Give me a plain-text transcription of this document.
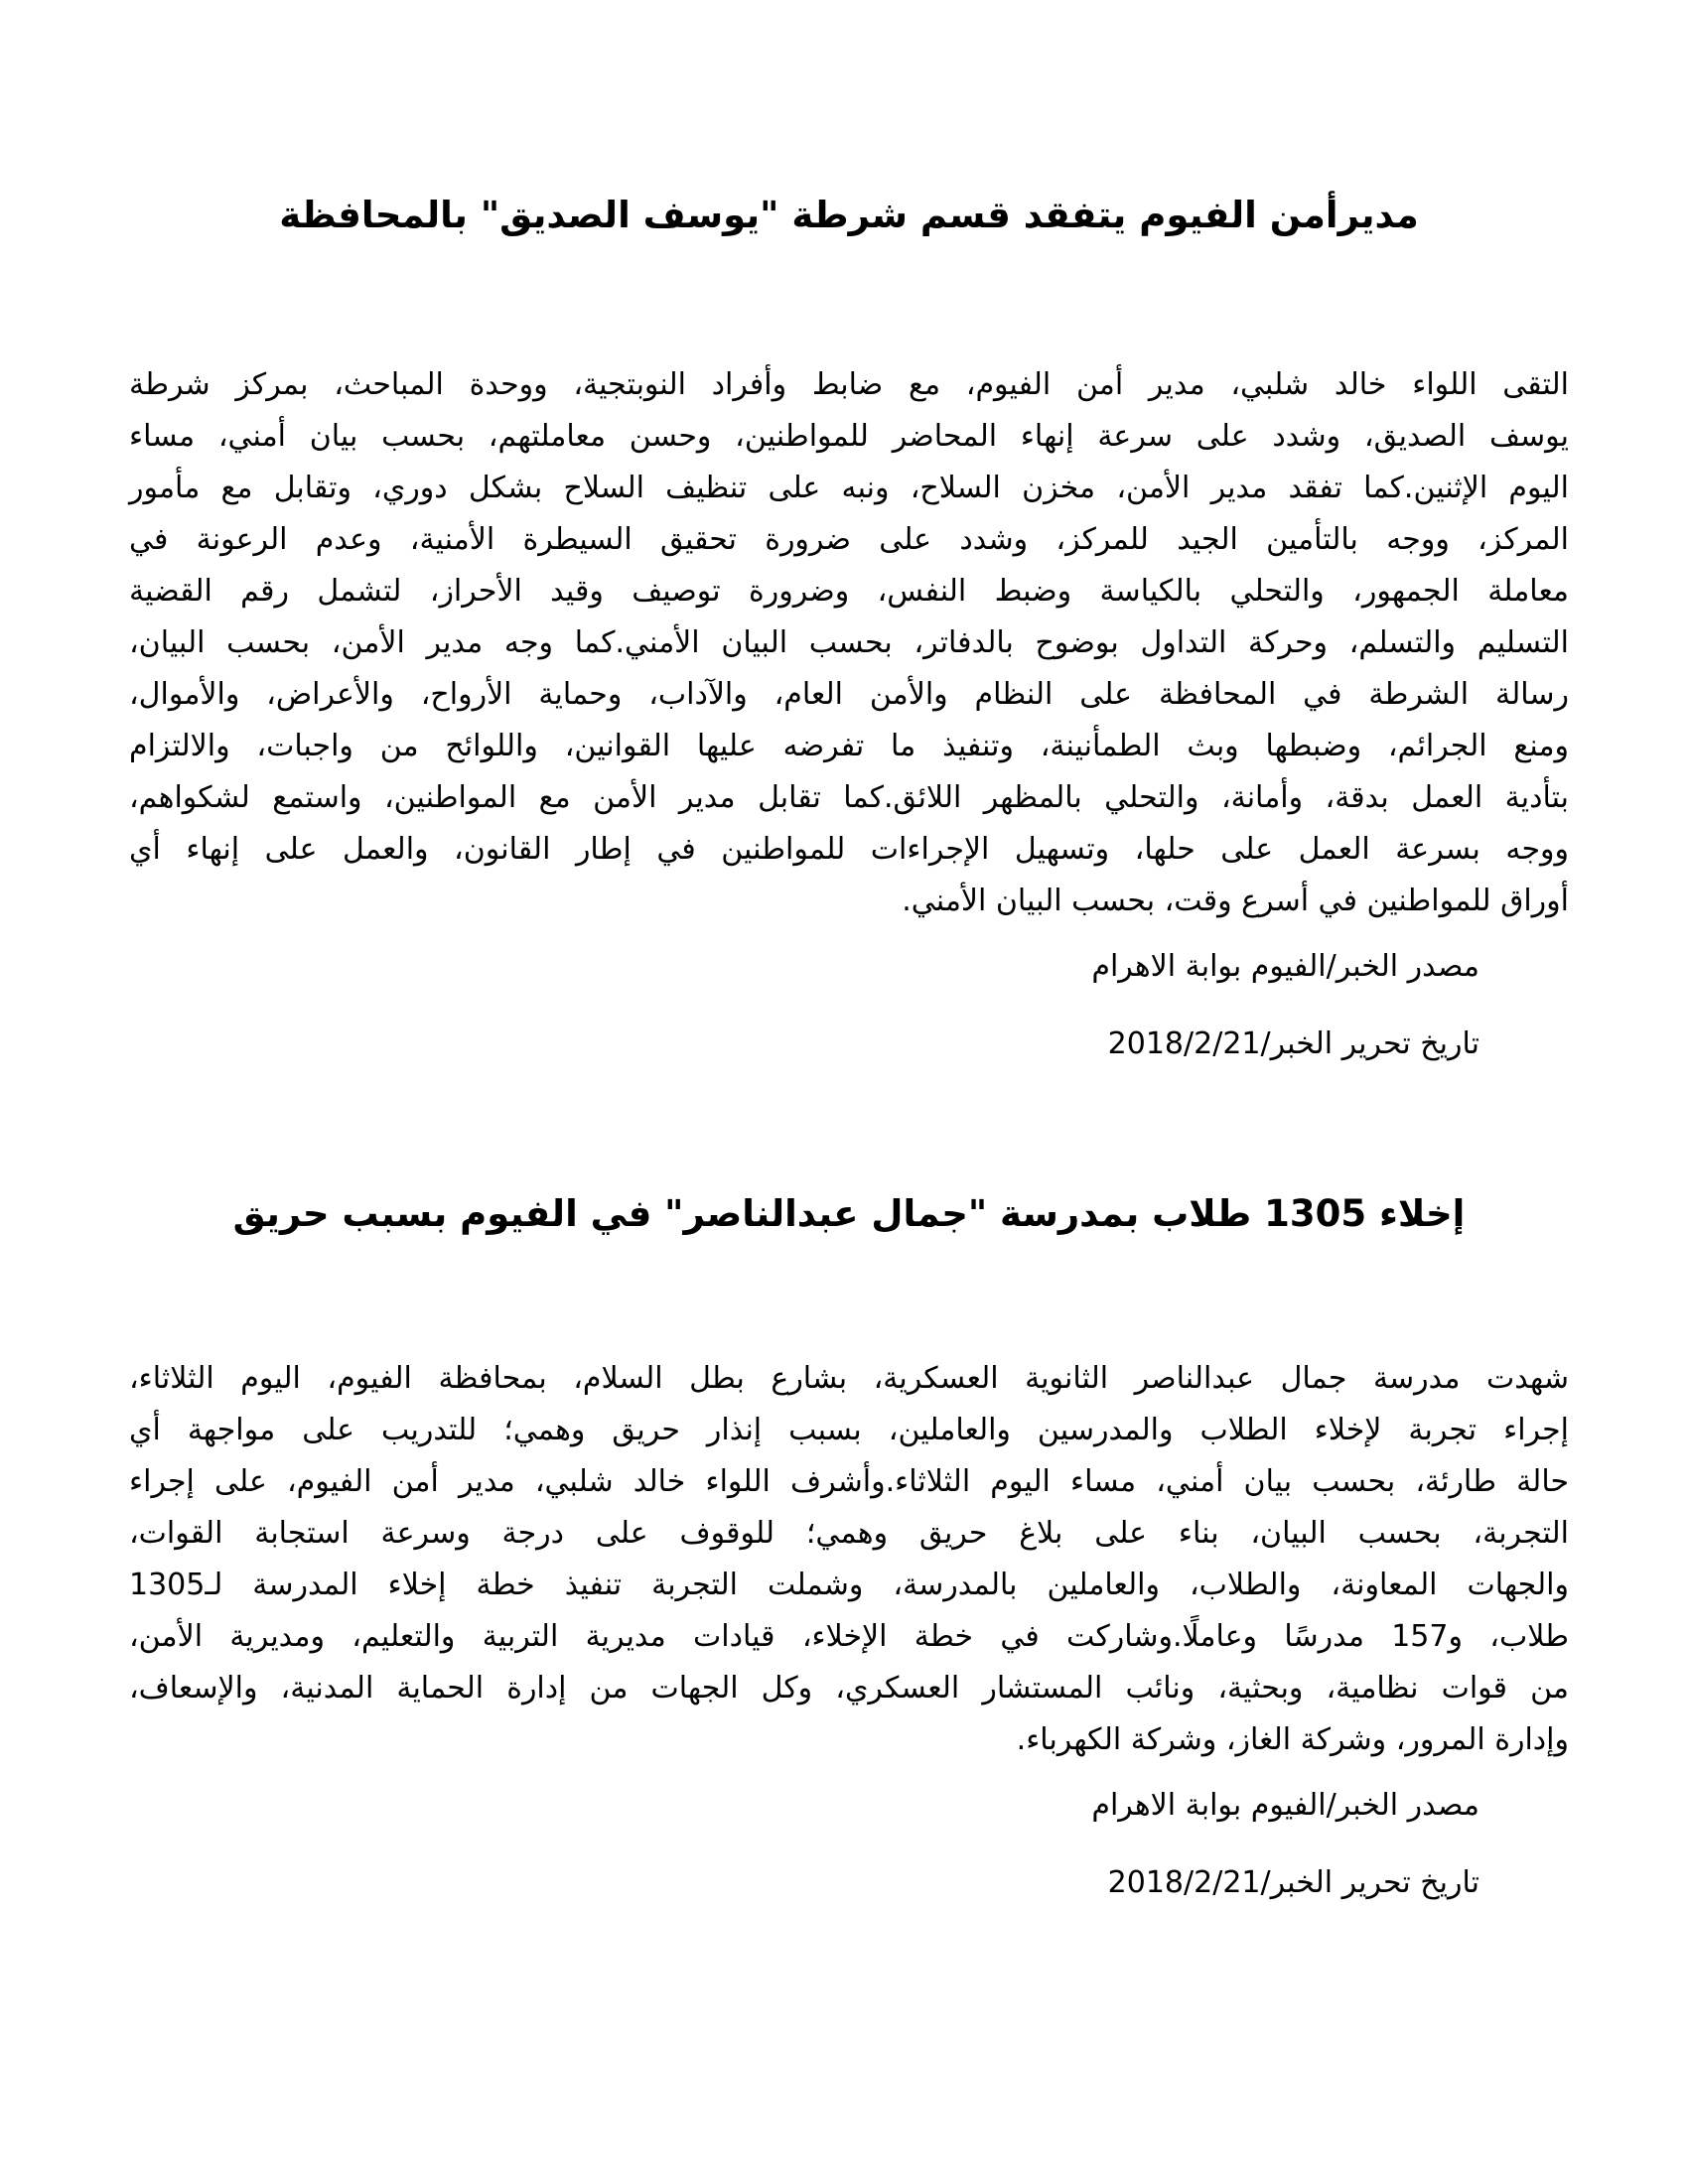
مديرأمن الفيوم يتفقد قسم شرطة "يوسف الصديق" بالمحافظة
التقى اللواء خالد شلبي، مدير أمن الفيوم، مع ضابط وأفراد النوبتجية، ووحدة المباحث، بمركز شرطة
يوسف الصديق، وشدد على سرعة إنهاء المحاضر للمواطنين، وحسن معاملتهم، بحسب بيان أمني، مساء
اليوم الإثنين.كما تفقد مدير الأمن، مخزن السلاح، ونبه على تنظيف السلاح بشكل دوري، وتقابل مع مأمور
المركز، ووجه بالتأمين الجيد للمركز، وشدد على ضرورة تحقيق السيطرة الأمنية، وعدم الرعونة في
معاملة الجمهور، والتحلي بالكياسة وضبط النفس، وضرورة توصيف وقيد الأحراز، لتشمل رقم القضية
التسليم والتسلم، وحركة التداول بوضوح بالدفاتر، بحسب البيان الأمني.كما وجه مدير الأمن، بحسب البيان،
رسالة الشرطة في المحافظة على النظام والأمن العام، والآداب، وحماية الأرواح، والأعراض، والأموال،
ومنع الجرائم، وضبطها وبث الطمأنينة، وتنفيذ ما تفرضه عليها القوانين، واللوائح من واجبات، والالتزام
بتأدية العمل بدقة، وأمانة، والتحلي بالمظهر اللائق.كما تقابل مدير الأمن مع المواطنين، واستمع لشكواهم،
ووجه بسرعة العمل على حلها، وتسهيل الإجراءات للمواطنين في إطار القانون، والعمل على إنهاء أي
أوراق للمواطنين في أسرع وقت، بحسب البيان الأمني.
مصدر الخبر/الفيوم بوابة الاهرام
تاريخ تحرير الخبر/2018/2/21
إخلاء 1305 طلاب بمدرسة "جمال عبدالناصر" في الفيوم بسبب حريق
شهدت مدرسة جمال عبدالناصر الثانوية العسكرية، بشارع بطل السلام، بمحافظة الفيوم، اليوم الثلاثاء،
إجراء تجربة لإخلاء الطلاب والمدرسين والعاملين، بسبب إنذار حريق وهمي؛ للتدريب على مواجهة أي
حالة طارئة، بحسب بيان أمني، مساء اليوم الثلاثاء.وأشرف اللواء خالد شلبي، مدير أمن الفيوم، على إجراء
التجربة، بحسب البيان، بناء على بلاغ حريق وهمي؛ للوقوف على درجة وسرعة استجابة القوات،
والجهات المعاونة، والطلاب، والعاملين بالمدرسة، وشملت التجربة تنفيذ خطة إخلاء المدرسة لـ1305
طلاب، و157 مدرسًا وعاملًا.وشاركت في خطة الإخلاء، قيادات مديرية التربية والتعليم، ومديرية الأمن،
من قوات نظامية، وبحثية، ونائب المستشار العسكري، وكل الجهات من إدارة الحماية المدنية، والإسعاف،
وإدارة المرور، وشركة الغاز، وشركة الكهرباء.
مصدر الخبر/الفيوم بوابة الاهرام
تاريخ تحرير الخبر/2018/2/21
